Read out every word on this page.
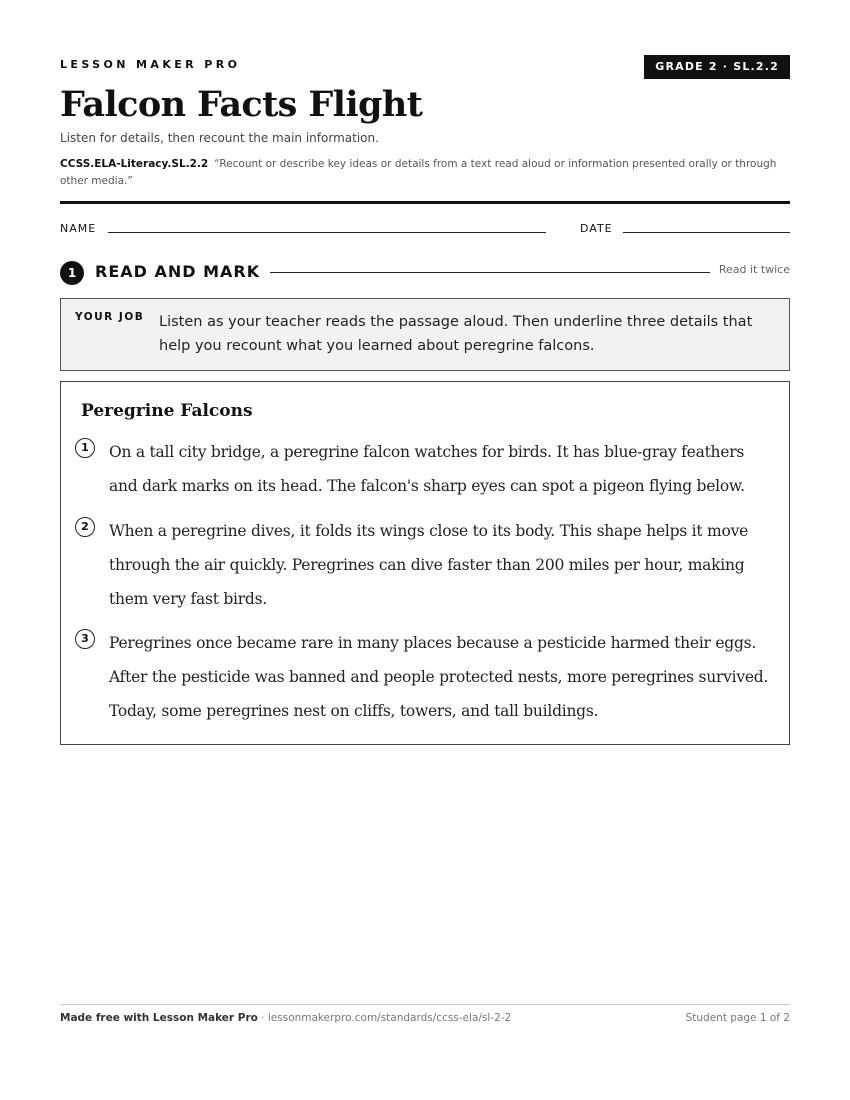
LESSON MAKER PRO	GRADE 2 · SL.2.2
Falcon Facts Flight
Listen for details, then recount the main information.
CCSS.ELA-Literacy.SL.2.2 “Recount or describe key ideas or details from a text read aloud or information presented orally or through other media.”
NAME	DATE
1	READ AND MARK	Read it twice
YOUR JOB Listen as your teacher reads the passage aloud. Then underline three details that help you recount what you learned about peregrine falcons.
Peregrine Falcons
1	On a tall city bridge, a peregrine falcon watches for birds. It has blue-gray feathers and dark marks on its head. The falcon's sharp eyes can spot a pigeon flying below.
2	When a peregrine dives, it folds its wings close to its body. This shape helps it move through the air quickly. Peregrines can dive faster than 200 miles per hour, making them very fast birds.
3	Peregrines once became rare in many places because a pesticide harmed their eggs. After the pesticide was banned and people protected nests, more peregrines survived. Today, some peregrines nest on cliffs, towers, and tall buildings.
Made free with Lesson Maker Pro · lessonmakerpro.com/standards/ccss-ela/sl-2-2	Student page 1 of 2
